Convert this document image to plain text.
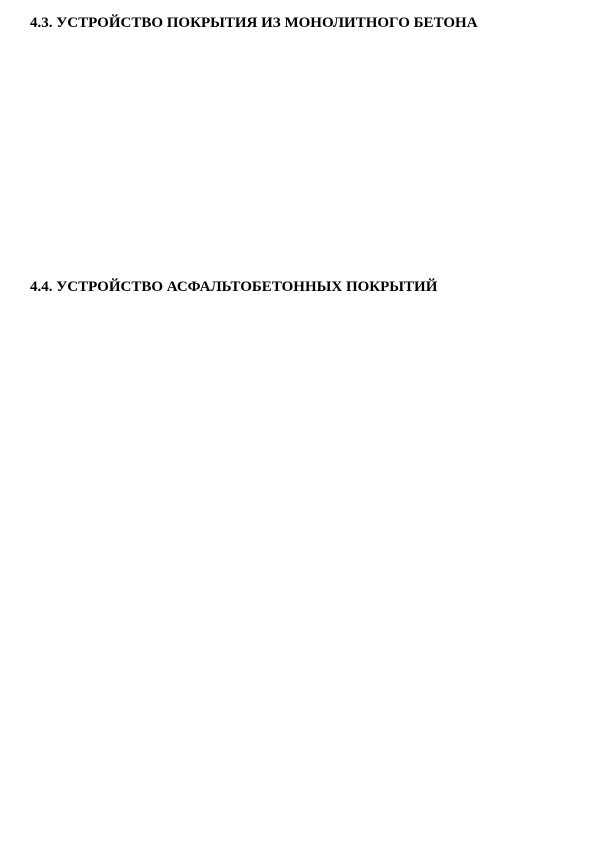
4.3. УСТРОЙСТВО ПОКРЫТИЯ ИЗ МОНОЛИТНОГО БЕТОНА

4.4. УСТРОЙСТВО АСФАЛЬТОБЕТОННЫХ ПОКРЫТИЙ
